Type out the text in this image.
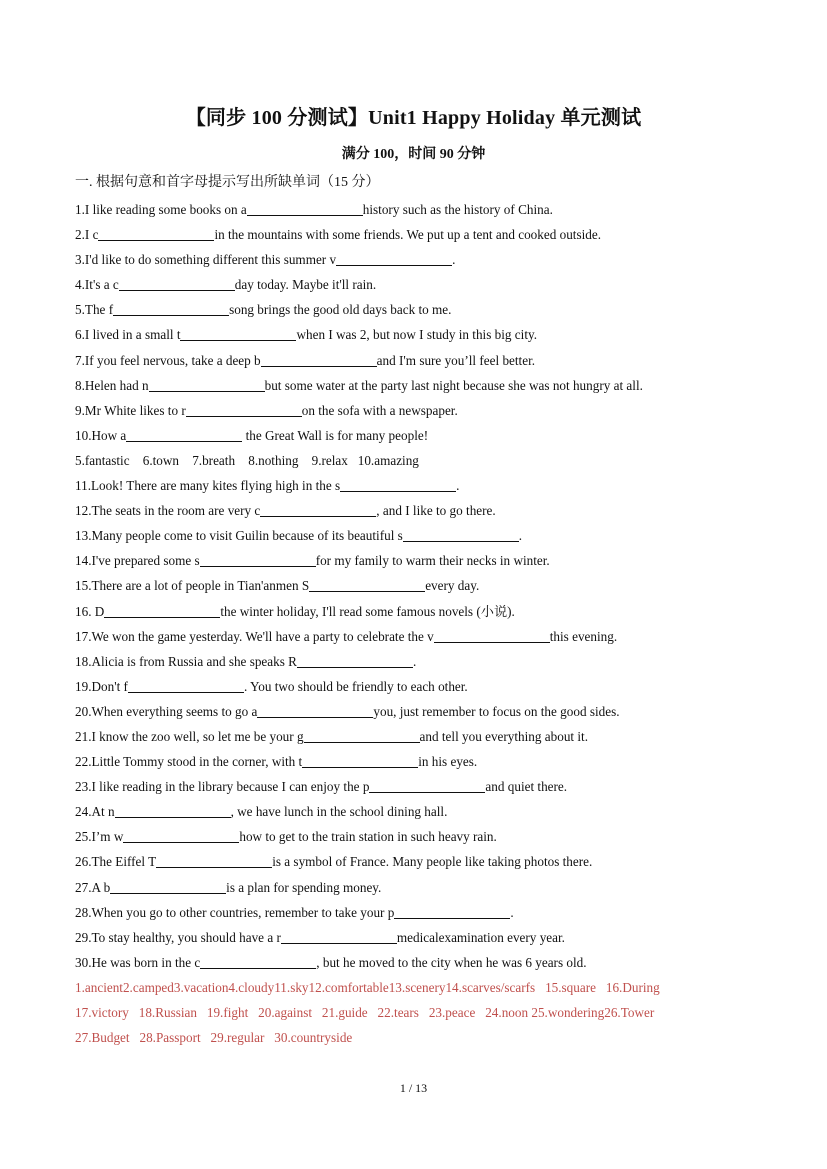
【同步 100 分测试】Unit1 Happy Holiday 单元测试
满分 100，时间 90 分钟
一. 根据句意和首字母提示写出所缺单词（15 分）
1.I like reading some books on a	history such as the history of China.
2.I c	in the mountains with some friends. We put up a tent and cooked outside.
3.I'd like to do something different this summer v	.
4.It's a c	day today. Maybe it'll rain.
5.The f	song brings the good old days back to me.
6.I lived in a small t	when I was 2, but now I study in this big city.
7.If you feel nervous, take a deep b	and I'm sure you’ll feel better.
8.Helen had n	but some water at the party last night because she was not hungry at all.
9.Mr White likes to r	on the sofa with a newspaper.
10.How a	the Great Wall is for many people!
5.fantastic    6.town    7.breath    8.nothing    9.relax   10.amazing
11.Look! There are many kites flying high in the s	.
12.The seats in the room are very c	, and I like to go there.
13.Many people come to visit Guilin because of its beautiful s	.
14.I've prepared some s	for my family to warm their necks in winter.
15.There are a lot of people in Tian'anmen S	every day.
16. D	the winter holiday, I'll read some famous novels (小说).
17.We won the game yesterday. We'll have a party to celebrate the v	this evening.
18.Alicia is from Russia and she speaks R	.
19.Don't f	. You two should be friendly to each other.
20.When everything seems to go a	you, just remember to focus on the good sides.
21.I know the zoo well, so let me be your g	and tell you everything about it.
22.Little Tommy stood in the corner, with t	in his eyes.
23.I like reading in the library because I can enjoy the p	and quiet there.
24.At n	, we have lunch in the school dining hall.
25.I’m w	how to get to the train station in such heavy rain.
26.The Eiffel T	is a symbol of France. Many people like taking photos there.
27.A b	is a plan for spending money.
28.When you go to other countries, remember to take your p	.
29.To stay healthy, you should have a r	medicalexamination every year.
30.He was born in the c	, but he moved to the city when he was 6 years old.
1.ancient2.camped3.vacation4.cloudy11.sky12.comfortable13.scenery14.scarves/scarfs   15.square   16.During
17.victory   18.Russian   19.fight   20.against   21.guide   22.tears   23.peace   24.noon 25.wondering26.Tower
27.Budget   28.Passport   29.regular   30.countryside
1 / 13
